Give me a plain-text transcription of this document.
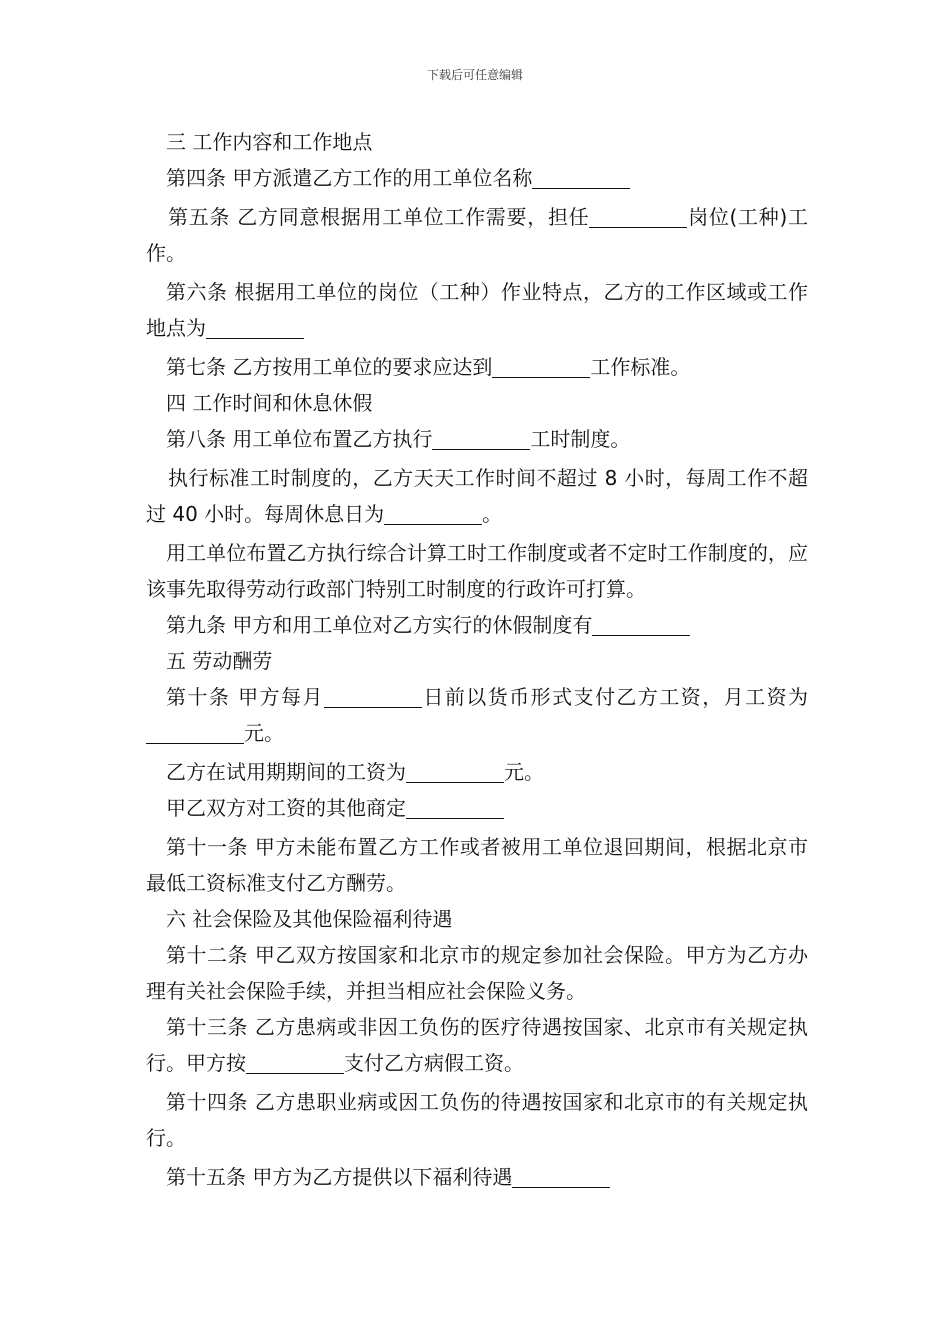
下载后可任意编辑

三 工作内容和工作地点

第四条 甲方派遣乙方工作的用工单位名称

第五条 乙方同意根据用工单位工作需要，担任	岗位(工种)工作。

第六条 根据用工单位的岗位（工种）作业特点，乙方的工作区域或工作地点为

第七条 乙方按用工单位的要求应达到	工作标准。

四 工作时间和休息休假

第八条 用工单位布置乙方执行	工时制度。

执行标准工时制度的，乙方天天工作时间不超过 8 小时，每周工作不超过 40 小时。每周休息日为	。

用工单位布置乙方执行综合计算工时工作制度或者不定时工作制度的，应该事先取得劳动行政部门特别工时制度的行政许可打算。

第九条 甲方和用工单位对乙方实行的休假制度有

五 劳动酬劳

第十条 甲方每月	日前以货币形式支付乙方工资，月工资为元。

乙方在试用期期间的工资为	元。

甲乙双方对工资的其他商定

第十一条 甲方未能布置乙方工作或者被用工单位退回期间，根据北京市最低工资标准支付乙方酬劳。

六 社会保险及其他保险福利待遇

第十二条 甲乙双方按国家和北京市的规定参加社会保险。甲方为乙方办理有关社会保险手续，并担当相应社会保险义务。

第十三条 乙方患病或非因工负伤的医疗待遇按国家、北京市有关规定执行。甲方按	支付乙方病假工资。

第十四条 乙方患职业病或因工负伤的待遇按国家和北京市的有关规定执行。

第十五条 甲方为乙方提供以下福利待遇
